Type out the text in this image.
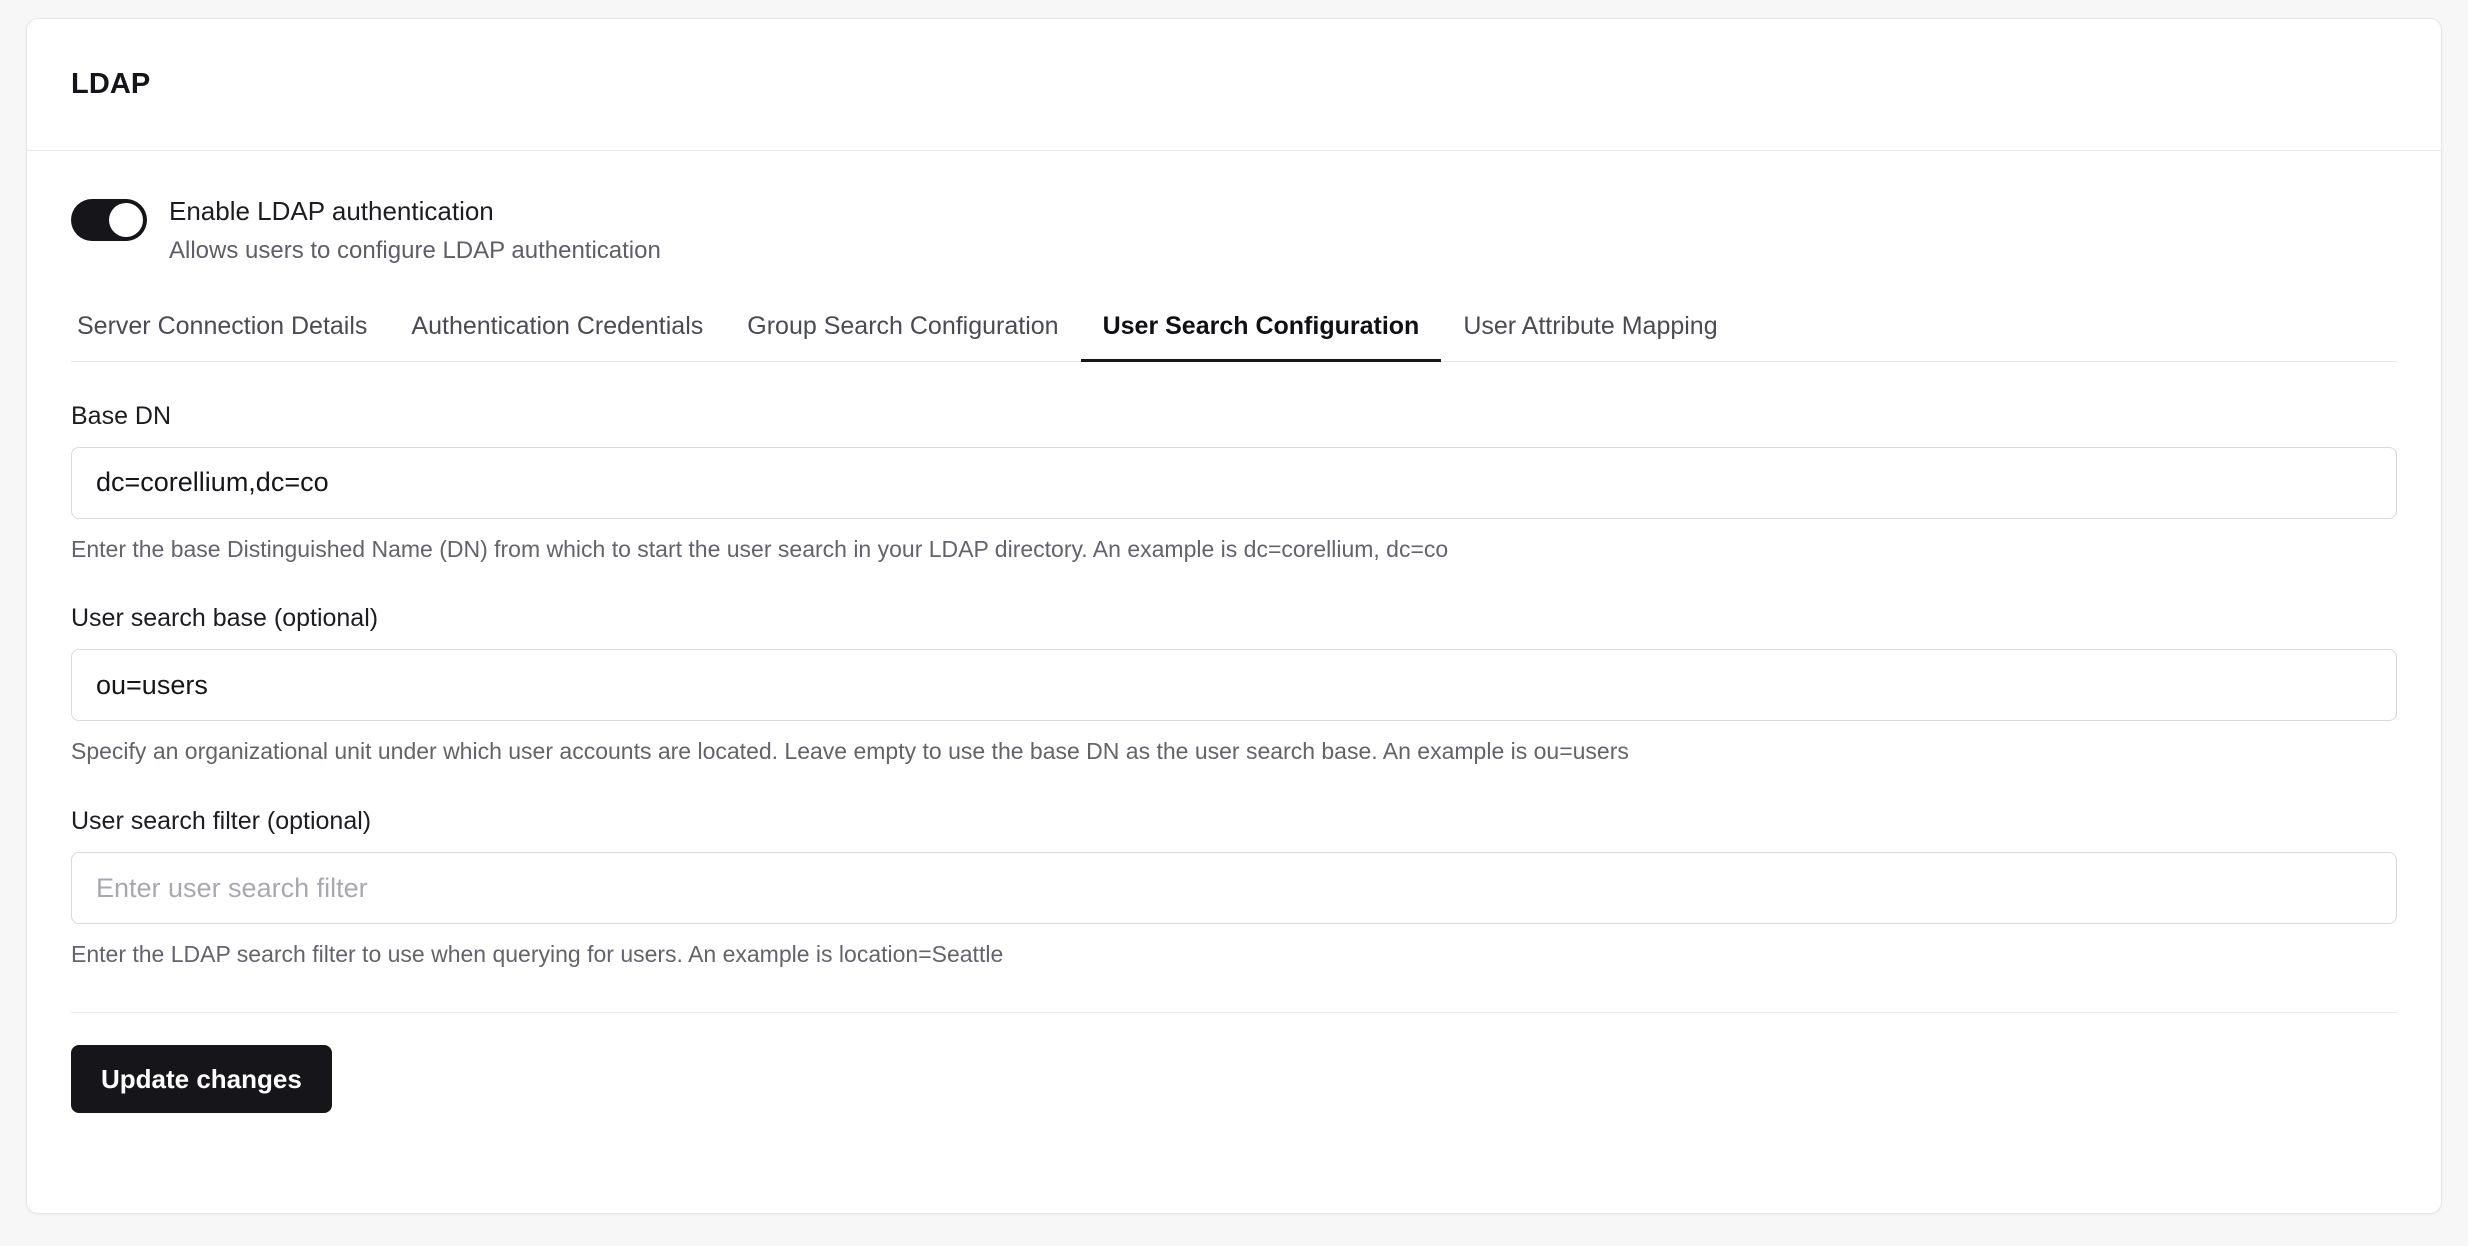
LDAP
Enable LDAP authentication
Allows users to configure LDAP authentication
Server Connection Details	Authentication Credentials	Group Search Configuration	User Search Configuration	User Attribute Mapping
Base DN
dc=corellium,dc=co
Enter the base Distinguished Name (DN) from which to start the user search in your LDAP directory. An example is dc=corellium, dc=co
User search base (optional)
ou=users
Specify an organizational unit under which user accounts are located. Leave empty to use the base DN as the user search base. An example is ou=users
User search filter (optional)
Enter user search filter
Enter the LDAP search filter to use when querying for users. An example is location=Seattle
Update changes
